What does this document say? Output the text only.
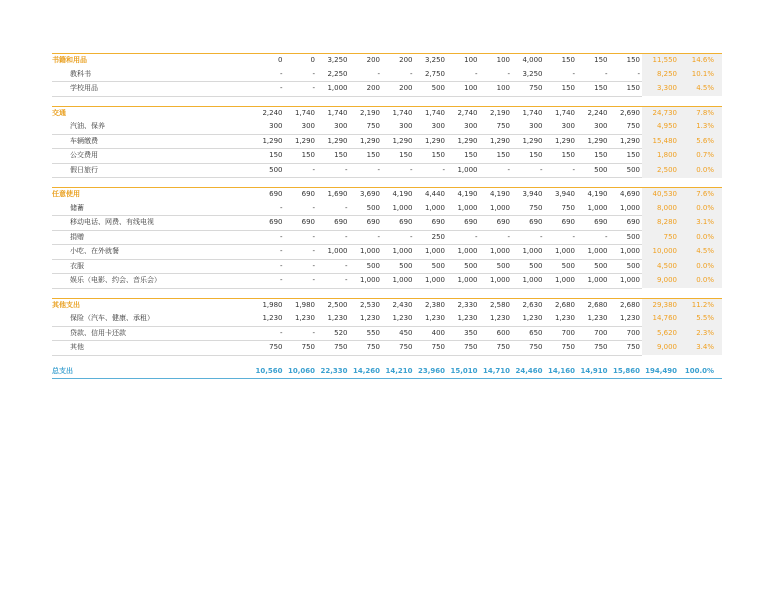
书籍和用品	0	0	3,250	200	200	3,250	100	100	4,000	150	150	150	11,550	14.6%
教科书	-	-	2,250	-	-	2,750	-	-	3,250	-	-	-	8,250	10.1%
学校用品	-	-	1,000	200	200	500	100	100	750	150	150	150	3,300	4.5%

交通	2,240	1,740	1,740	2,190	1,740	1,740	2,740	2,190	1,740	1,740	2,240	2,690	24,730	7.8%
汽油、保养	300	300	300	750	300	300	300	750	300	300	300	750	4,950	1.3%
车辆缴费	1,290	1,290	1,290	1,290	1,290	1,290	1,290	1,290	1,290	1,290	1,290	1,290	15,480	5.6%
公交费用	150	150	150	150	150	150	150	150	150	150	150	150	1,800	0.7%
假日旅行	500	-	-	-	-	-	1,000	-	-	-	500	500	2,500	0.0%

任意使用	690	690	1,690	3,690	4,190	4,440	4,190	4,190	3,940	3,940	4,190	4,690	40,530	7.6%
储蓄	-	-	-	500	1,000	1,000	1,000	1,000	750	750	1,000	1,000	8,000	0.0%
移动电话、网费、有线电视	690	690	690	690	690	690	690	690	690	690	690	690	8,280	3.1%
捐赠	-	-	-	-	-	250	-	-	-	-	-	500	750	0.0%
小吃、在外就餐	-	-	1,000	1,000	1,000	1,000	1,000	1,000	1,000	1,000	1,000	1,000	10,000	4.5%
衣服	-	-	-	500	500	500	500	500	500	500	500	500	4,500	0.0%
娱乐（电影、约会、音乐会）	-	-	-	1,000	1,000	1,000	1,000	1,000	1,000	1,000	1,000	1,000	9,000	0.0%

其他支出	1,980	1,980	2,500	2,530	2,430	2,380	2,330	2,580	2,630	2,680	2,680	2,680	29,380	11.2%
保险（汽车、健康、承租）	1,230	1,230	1,230	1,230	1,230	1,230	1,230	1,230	1,230	1,230	1,230	1,230	14,760	5.5%
贷款、信用卡还款	-	-	520	550	450	400	350	600	650	700	700	700	5,620	2.3%
其他	750	750	750	750	750	750	750	750	750	750	750	750	9,000	3.4%

总支出	10,560	10,060	22,330	14,260	14,210	23,960	15,010	14,710	24,460	14,160	14,910	15,860	194,490	100.0%
